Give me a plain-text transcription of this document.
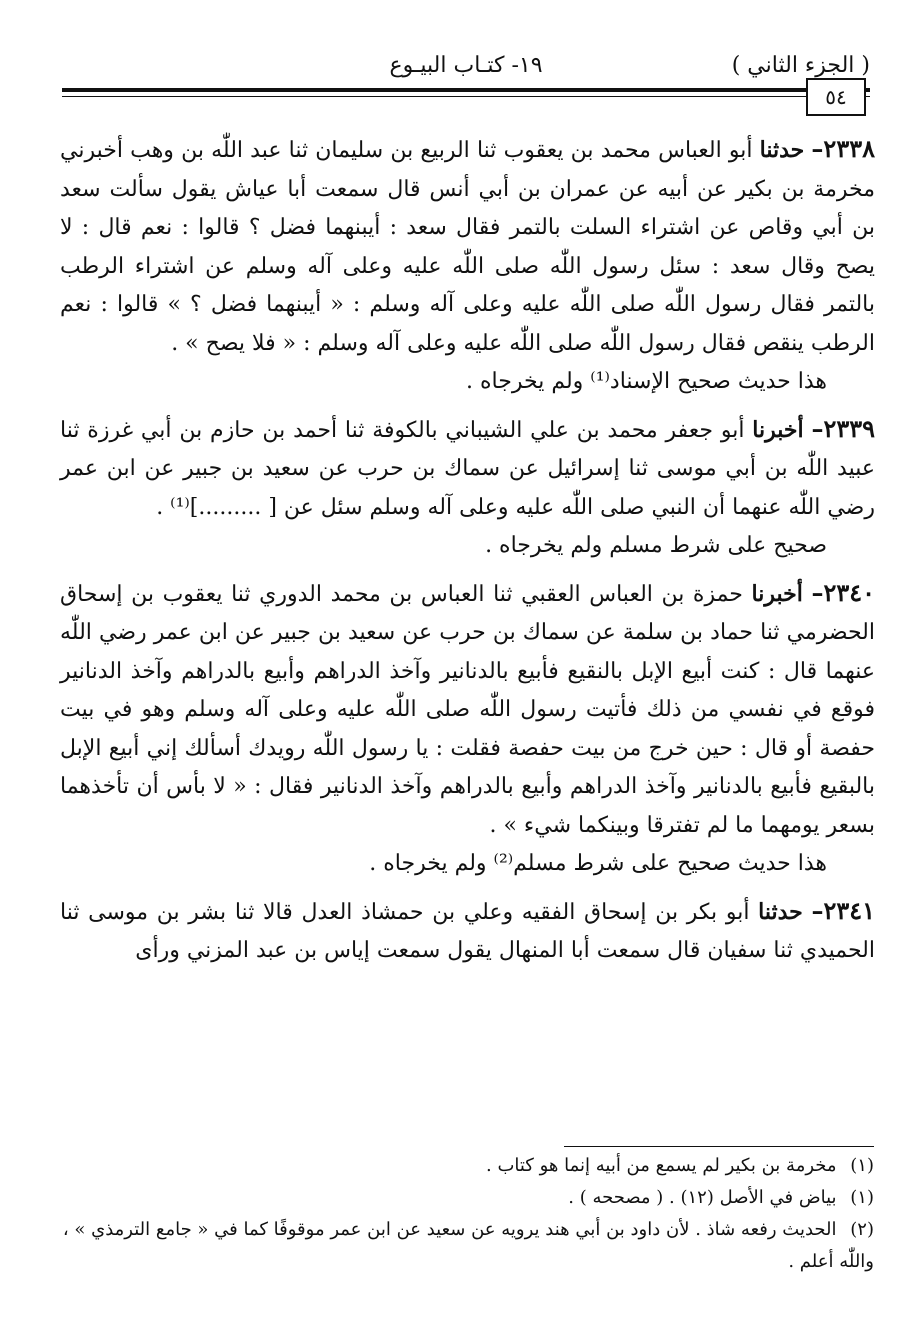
( الجزء الثاني )
١٩- كتـاب البيـوع
٥٤

٢٣٣٨– حدثنا أبو العباس محمد بن يعقوب ثنا الربيع بن سليمان ثنا عبد اللّٰه بن وهب أخبرني مخرمة بن بكير عن أبيه عن عمران بن أبي أنس قال سمعت أبا عياش يقول سألت سعد بن أبي وقاص عن اشتراء السلت بالتمر فقال سعد : أيبنهما فضل ؟ قالوا : نعم قال : لا يصح وقال سعد : سئل رسول اللّٰه صلى اللّٰه عليه وعلى آله وسلم عن اشتراء الرطب بالتمر فقال رسول اللّٰه صلى اللّٰه عليه وعلى آله وسلم : « أيبنهما فضل ؟ » قالوا : نعم الرطب ينقص فقال رسول اللّٰه صلى اللّٰه عليه وعلى آله وسلم : « فلا يصح » .

هذا حديث صحيح الإسناد⁽¹⁾ ولم يخرجاه .

٢٣٣٩– أخبرنا أبو جعفر محمد بن علي الشيباني بالكوفة ثنا أحمد بن حازم بن أبي غرزة ثنا عبيد اللّٰه بن أبي موسى ثنا إسرائيل عن سماك بن حرب عن سعيد بن جبير عن ابن عمر رضي اللّٰه عنهما أن النبي صلى اللّٰه عليه وعلى آله وسلم سئل عن [ .........]⁽¹⁾ .

صحيح على شرط مسلم ولم يخرجاه .

٢٣٤٠– أخبرنا حمزة بن العباس العقبي ثنا العباس بن محمد الدوري ثنا يعقوب بن إسحاق الحضرمي ثنا حماد بن سلمة عن سماك بن حرب عن سعيد بن جبير عن ابن عمر رضي اللّٰه عنهما قال : كنت أبيع الإبل بالنقيع فأبيع بالدنانير وآخذ الدراهم وأبيع بالدراهم وآخذ الدنانير فوقع في نفسي من ذلك فأتيت رسول اللّٰه صلى اللّٰه عليه وعلى آله وسلم وهو في بيت حفصة أو قال : حين خرج من بيت حفصة فقلت : يا رسول اللّٰه رويدك أسألك إني أبيع الإبل بالبقيع فأبيع بالدنانير وآخذ الدراهم وأبيع بالدراهم وآخذ الدنانير فقال : « لا بأس أن تأخذهما بسعر يومهما ما لم تفترقا وبينكما شيء » .

هذا حديث صحيح على شرط مسلم⁽²⁾ ولم يخرجاه .

٢٣٤١– حدثنا أبو بكر بن إسحاق الفقيه وعلي بن حمشاذ العدل قالا ثنا بشر بن موسى ثنا الحميدي ثنا سفيان قال سمعت أبا المنهال يقول سمعت إياس بن عبد المزني ورأى

(١) مخرمة بن بكير لم يسمع من أبيه إنما هو كتاب .

(١) بياض في الأصل (١٢) . ( مصححه ) .

(٢) الحديث رفعه شاذ . لأن داود بن أبي هند يرويه عن سعيد عن ابن عمر موقوفًا كما في « جامع الترمذي » ، واللّٰه أعلم .
